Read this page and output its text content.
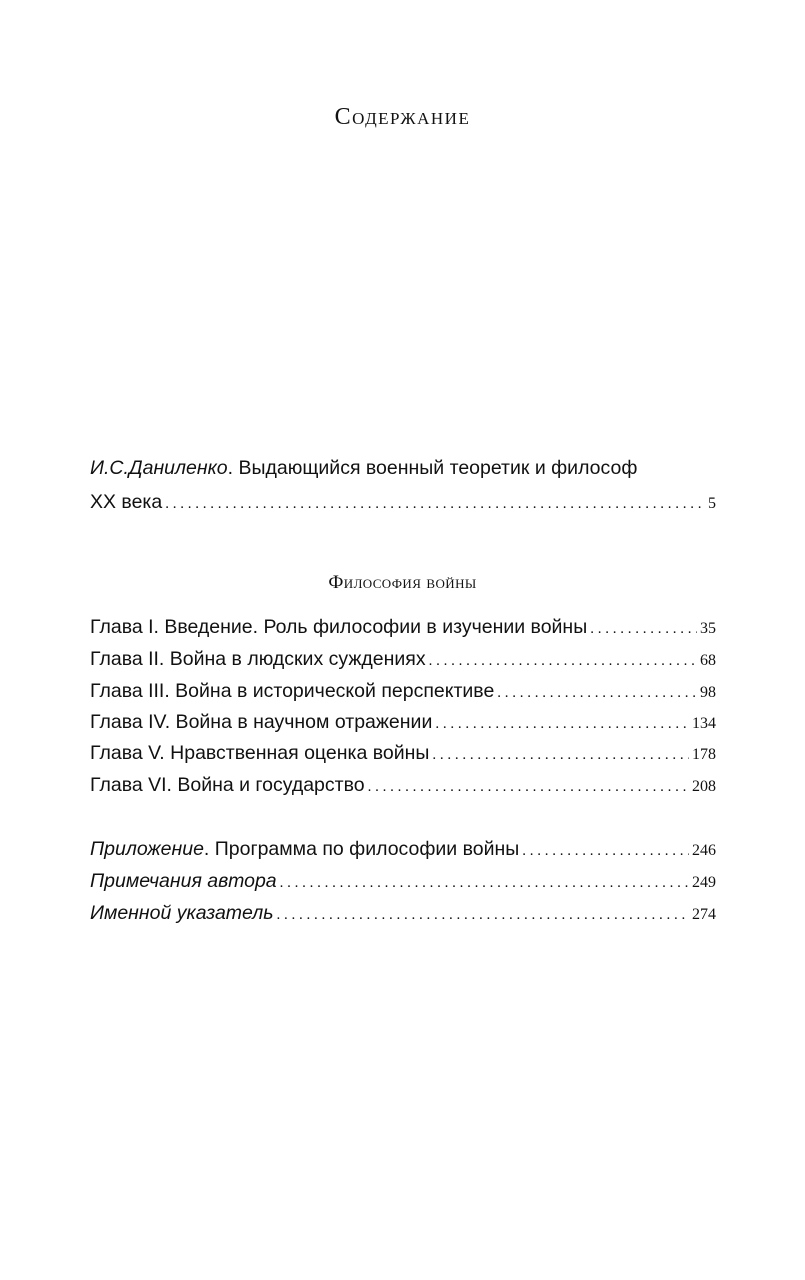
Содержание
И.С.Даниленко. Выдающийся военный теоретик и философ
XX века . . .	5
Философия войны
Глава I. Введение. Роль философии в изучении войны . . .	35
Глава II. Война в людских суждениях . . .	68
Глава III. Война в исторической перспективе . . .	98
Глава IV. Война в научном отражении . . .	134
Глава V. Нравственная оценка войны . . .	178
Глава VI. Война и государство . . .	208
Приложение. Программа по философии войны . . .	246
Примечания автора . . .	249
Именной указатель . . .	274
